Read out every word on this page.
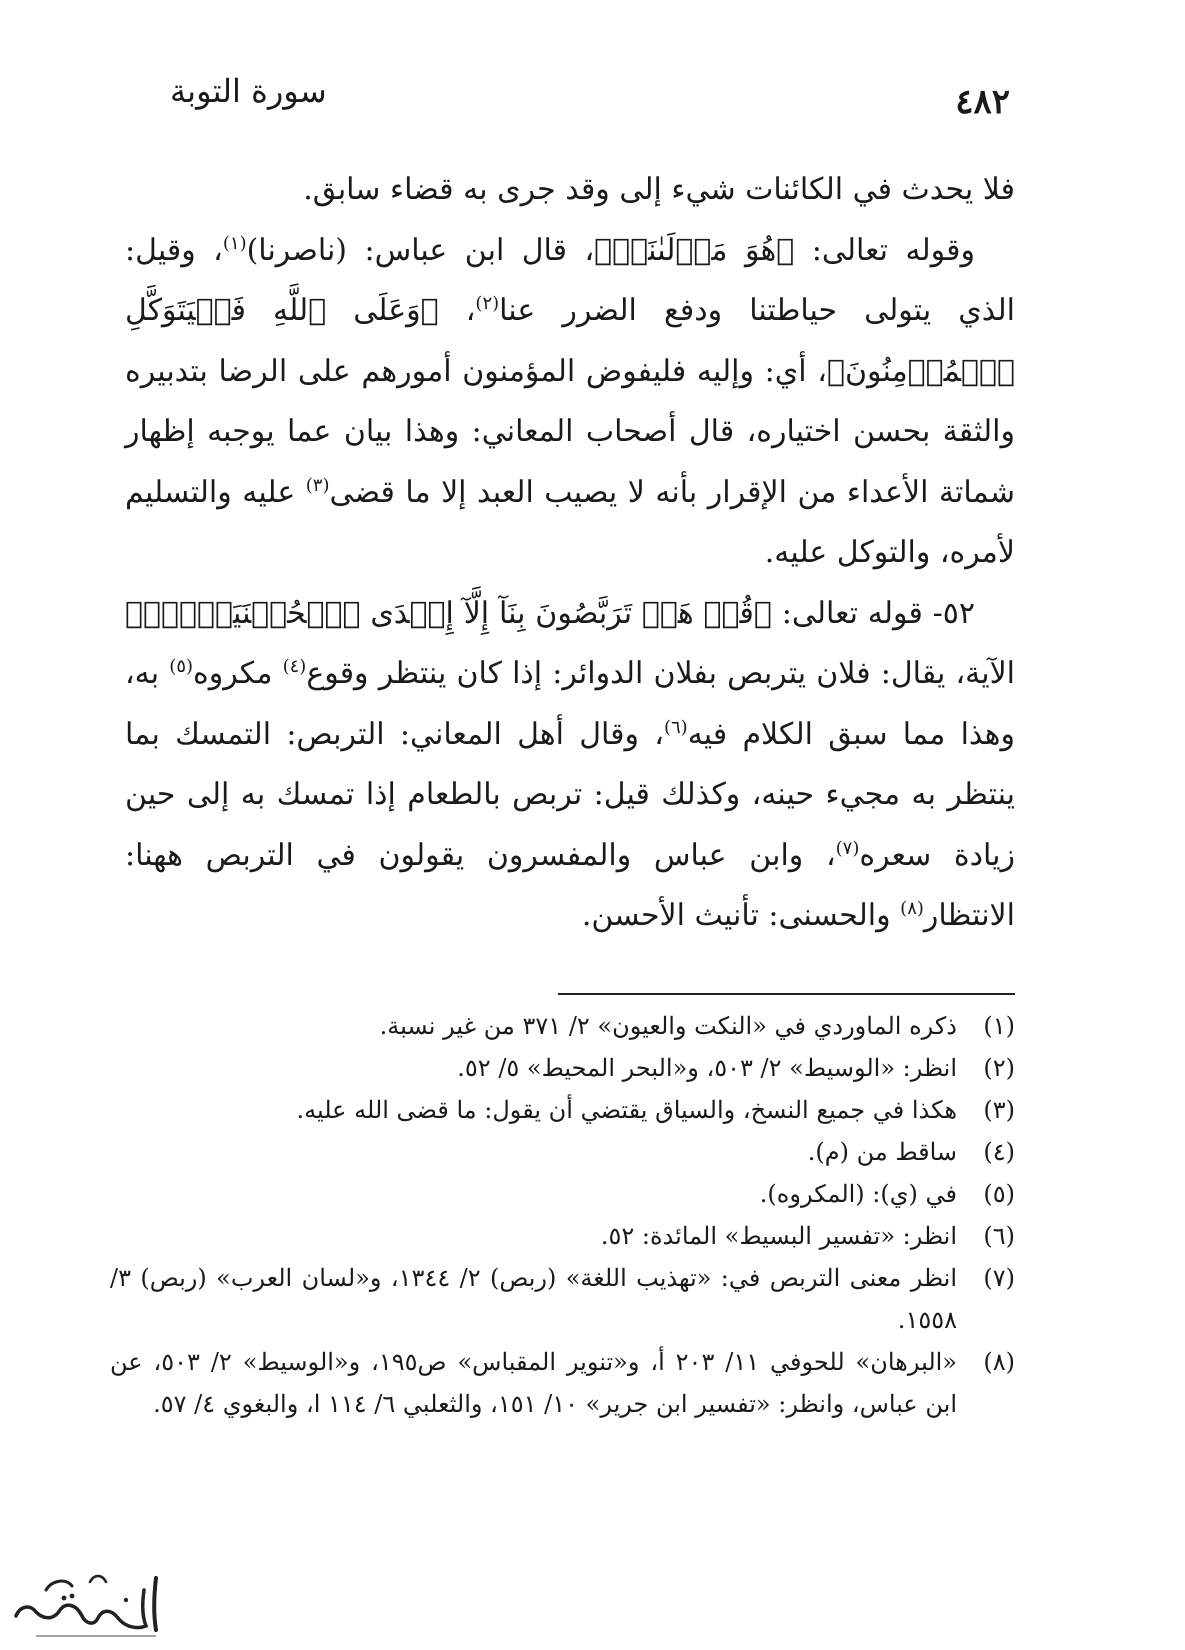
٤٨٢
سورة التوبة

فلا يحدث في الكائنات شيء إلى وقد جرى به قضاء سابق.

وقوله تعالى: ﴿هُوَ مَوۡلَىٰنَاۚ﴾، قال ابن عباس: (ناصرنا)$^{(١)}$، وقيل: الذي يتولى حياطتنا ودفع الضرر عنا$^{(٢)}$، ﴿وَعَلَى ٱللَّهِ فَلۡيَتَوَكَّلِ ٱلۡمُؤۡمِنُونَ﴾، أي: وإليه فليفوض المؤمنون أمورهم على الرضا بتدبيره والثقة بحسن اختياره، قال أصحاب المعاني: وهذا بيان عما يوجبه إظهار شماتة الأعداء من الإقرار بأنه لا يصيب العبد إلا ما قضى$^{(٣)}$ عليه والتسليم لأمره، والتوكل عليه.

٥٢- قوله تعالى: ﴿قُلۡ هَلۡ تَرَبَّصُونَ بِنَآ إِلَّآ إِحۡدَى ٱلۡحُسۡنَيَيۡنِۖ﴾ الآية، يقال: فلان يتربص بفلان الدوائر: إذا كان ينتظر وقوع$^{(٤)}$ مكروه$^{(٥)}$ به، وهذا مما سبق الكلام فيه$^{(٦)}$، وقال أهل المعاني: التربص: التمسك بما ينتظر به مجيء حينه، وكذلك قيل: تربص بالطعام إذا تمسك به إلى حين زيادة سعره$^{(٧)}$، وابن عباس والمفسرون يقولون في التربص ههنا: الانتظار$^{(٨)}$ والحسنى: تأنيث الأحسن.

(١)
ذكره الماوردي في «النكت والعيون» ٢/ ٣٧١ من غير نسبة.
(٢)
انظر: «الوسيط» ٢/ ٥٠٣، و«البحر المحيط» ٥/ ٥٢.
(٣)
هكذا في جميع النسخ، والسياق يقتضي أن يقول: ما قضى الله عليه.
(٤)
ساقط من (م).
(٥)
في (ي): (المكروه).
(٦)
انظر: «تفسير البسيط» المائدة: ٥٢.
(٧)
انظر معنى التربص في: «تهذيب اللغة» (ربص) ٢/ ١٣٤٤، و«لسان العرب» (ربص) ٣/ ١٥٥٨.
(٨)
«البرهان» للحوفي ١١/ ٢٠٣ أ، و«تنوير المقباس» ص١٩٥، و«الوسيط» ٢/ ٥٠٣، عن ابن عباس، وانظر: «تفسير ابن جرير» ١٠/ ١٥١، والثعلبي ٦/ ١١٤ ا، والبغوي ٤/ ٥٧.
